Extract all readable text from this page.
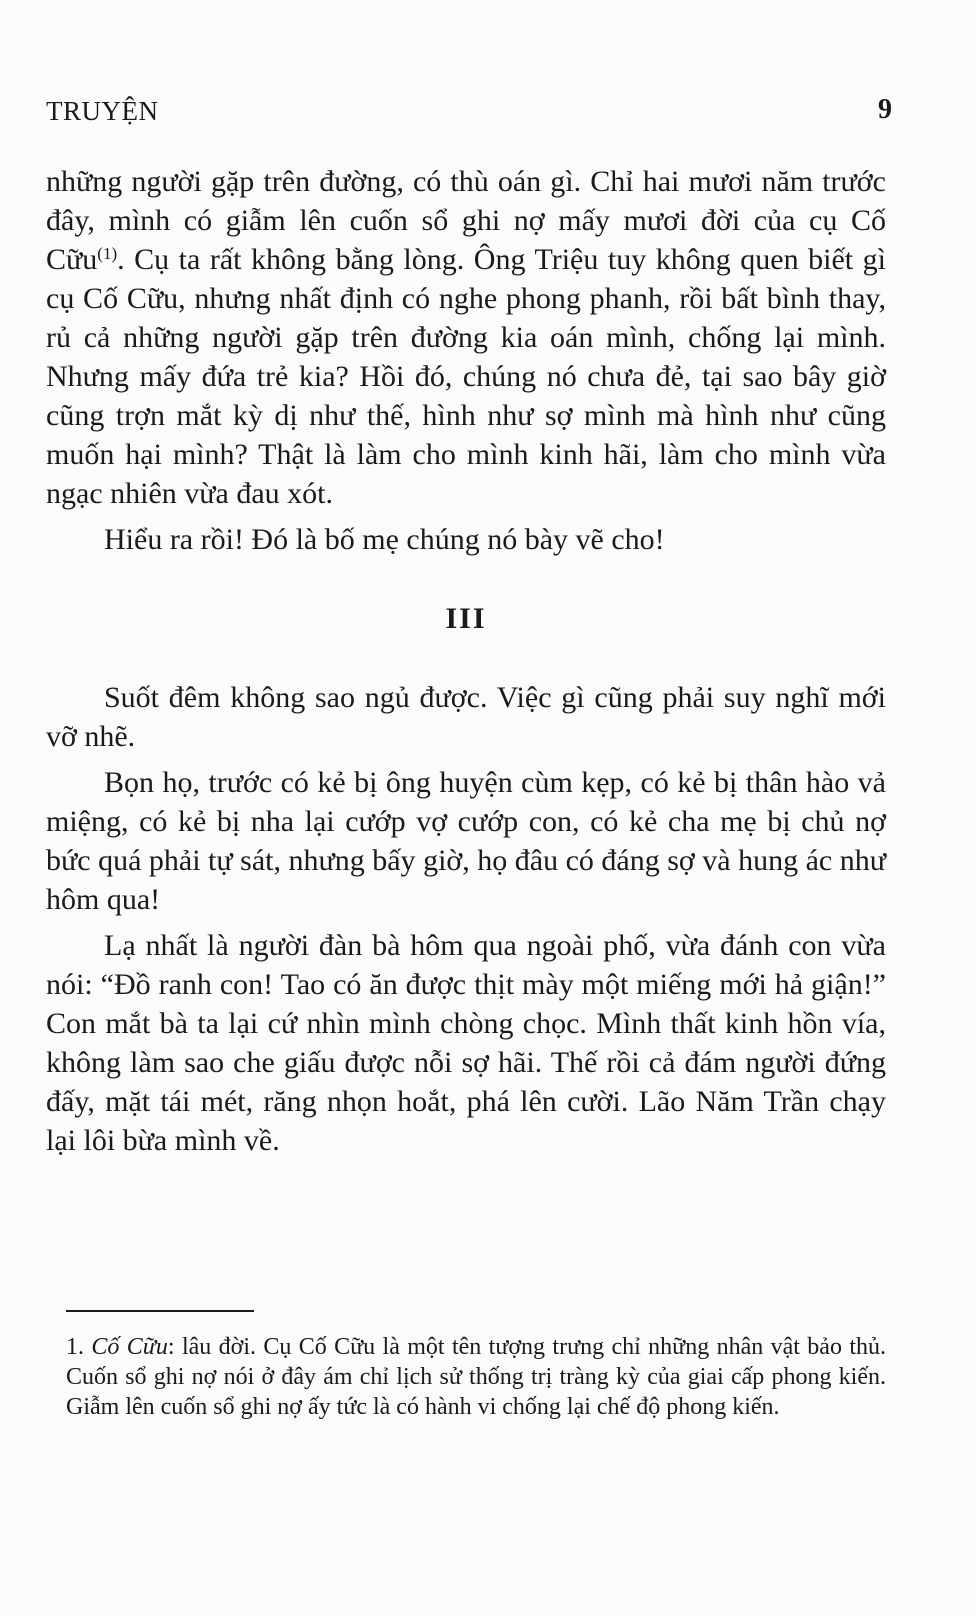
TRUYỆN	9

những người gặp trên đường, có thù oán gì. Chỉ hai mươi năm trước đây, mình có giẫm lên cuốn sổ ghi nợ mấy mươi đời của cụ Cố Cữu$^{(1)}$. Cụ ta rất không bằng lòng. Ông Triệu tuy không quen biết gì cụ Cố Cữu, nhưng nhất định có nghe phong phanh, rồi bất bình thay, rủ cả những người gặp trên đường kia oán mình, chống lại mình. Nhưng mấy đứa trẻ kia? Hồi đó, chúng nó chưa đẻ, tại sao bây giờ cũng trợn mắt kỳ dị như thế, hình như sợ mình mà hình như cũng muốn hại mình? Thật là làm cho mình kinh hãi, làm cho mình vừa ngạc nhiên vừa đau xót.

Hiểu ra rồi! Đó là bố mẹ chúng nó bày vẽ cho!

III

Suốt đêm không sao ngủ được. Việc gì cũng phải suy nghĩ mới vỡ nhẽ.

Bọn họ, trước có kẻ bị ông huyện cùm kẹp, có kẻ bị thân hào vả miệng, có kẻ bị nha lại cướp vợ cướp con, có kẻ cha mẹ bị chủ nợ bức quá phải tự sát, nhưng bấy giờ, họ đâu có đáng sợ và hung ác như hôm qua!

Lạ nhất là người đàn bà hôm qua ngoài phố, vừa đánh con vừa nói: “Đồ ranh con! Tao có ăn được thịt mày một miếng mới hả giận!” Con mắt bà ta lại cứ nhìn mình chòng chọc. Mình thất kinh hồn vía, không làm sao che giấu được nỗi sợ hãi. Thế rồi cả đám người đứng đấy, mặt tái mét, răng nhọn hoắt, phá lên cười. Lão Năm Trần chạy lại lôi bừa mình về.

1. Cố Cữu: lâu đời. Cụ Cố Cữu là một tên tượng trưng chỉ những nhân vật bảo thủ. Cuốn sổ ghi nợ nói ở đây ám chỉ lịch sử thống trị tràng kỳ của giai cấp phong kiến. Giẫm lên cuốn sổ ghi nợ ấy tức là có hành vi chống lại chế độ phong kiến.
